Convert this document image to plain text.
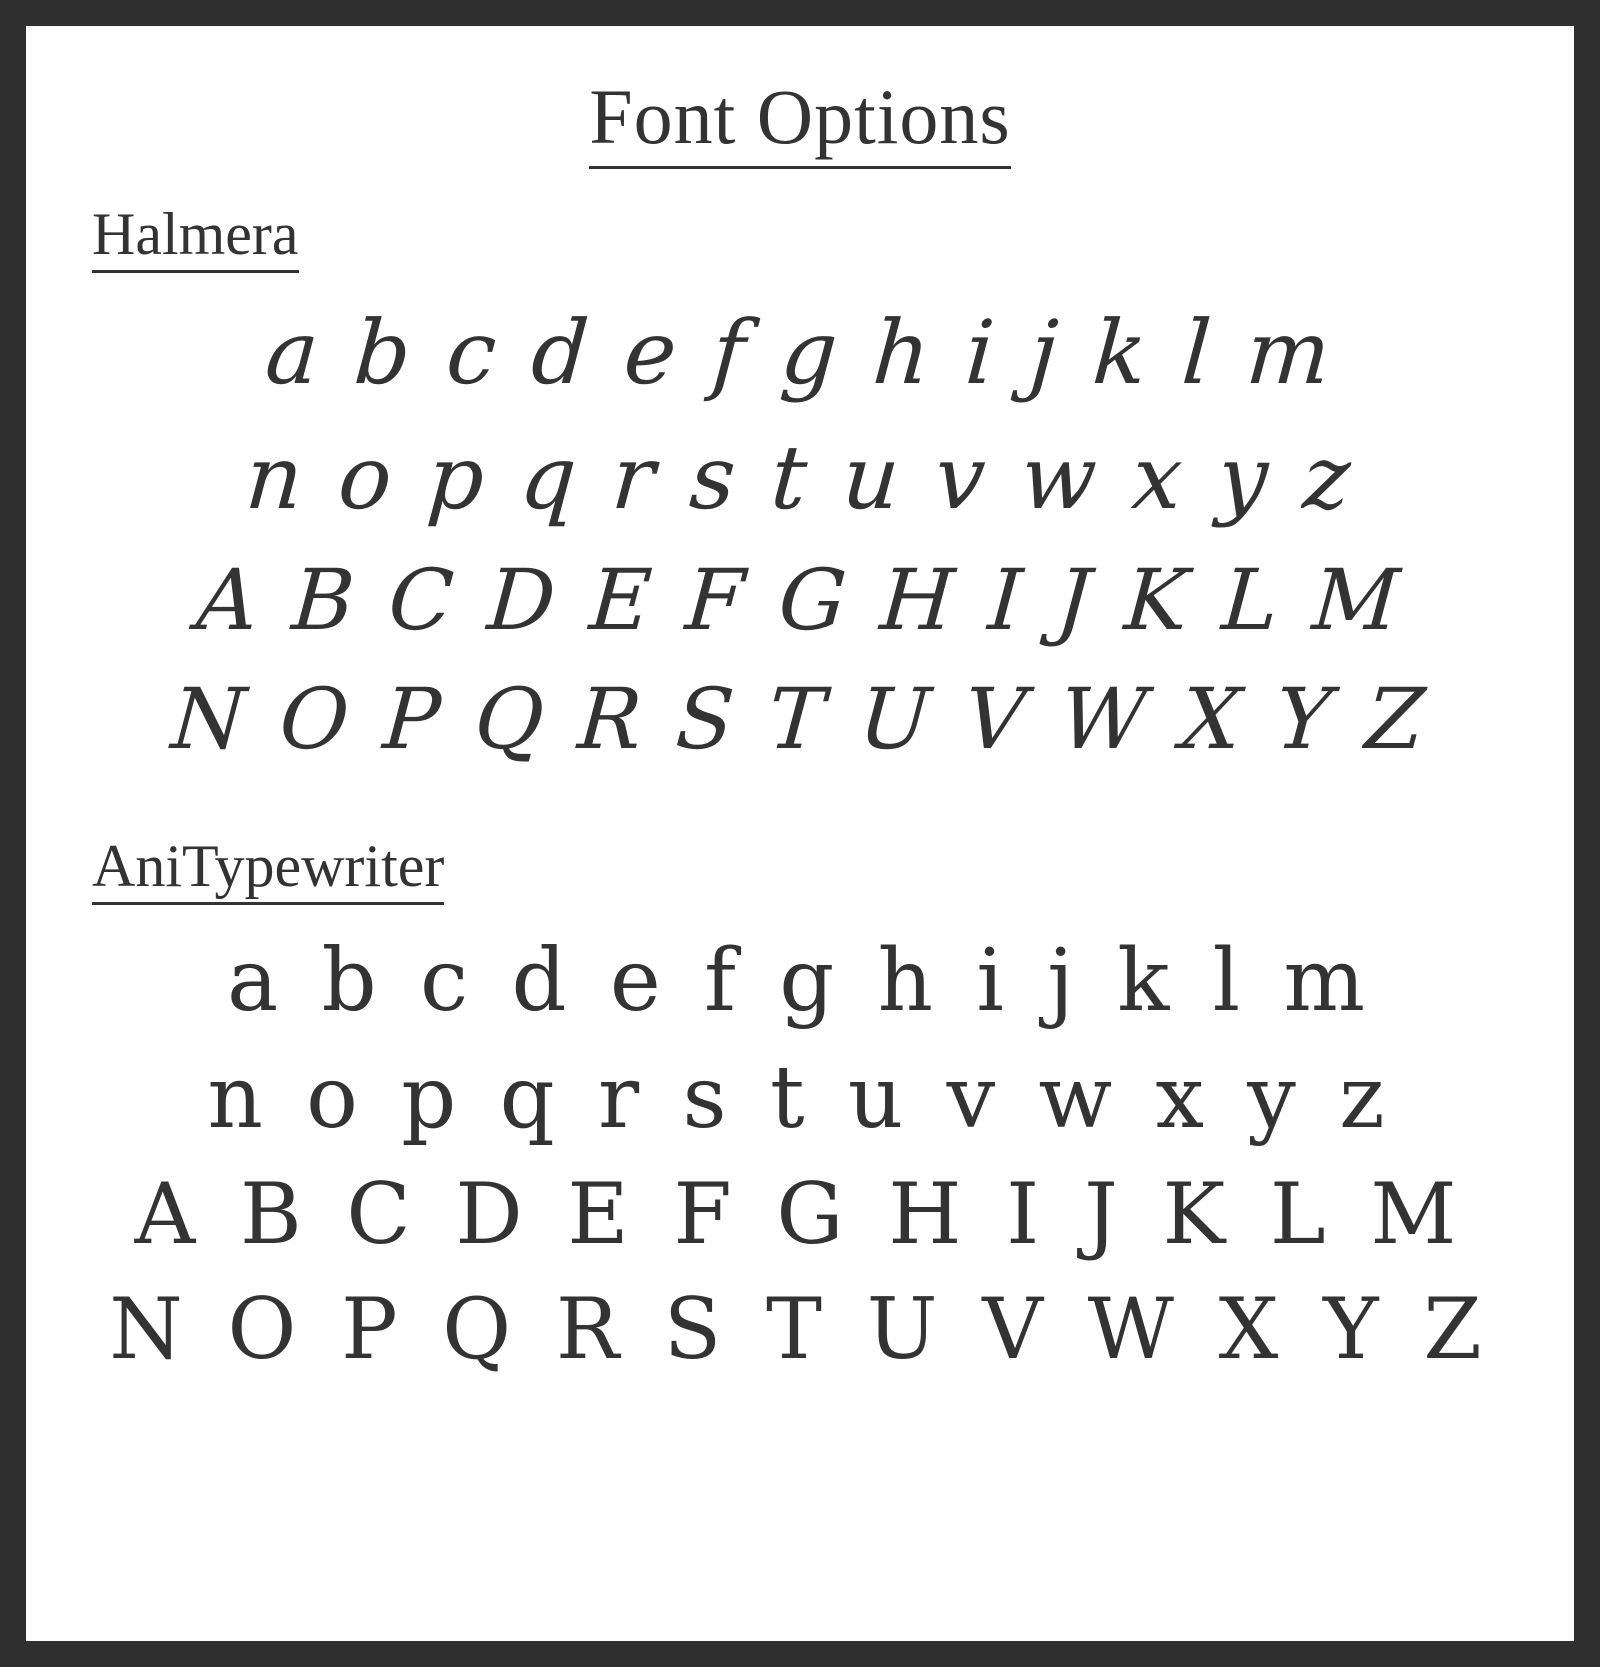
Font Options
Halmera
a b c d e f g h i j k l m
n o p q r s t u v w x y z
A B C D E F G H I J K L M
N O P Q R S T U V W X Y Z
AniTypewriter
a b c d e f g h i j k l m
n o p q r s t u v w x y z
A B C D E F G H I J K L M
N O P Q R S T U V W X Y Z
